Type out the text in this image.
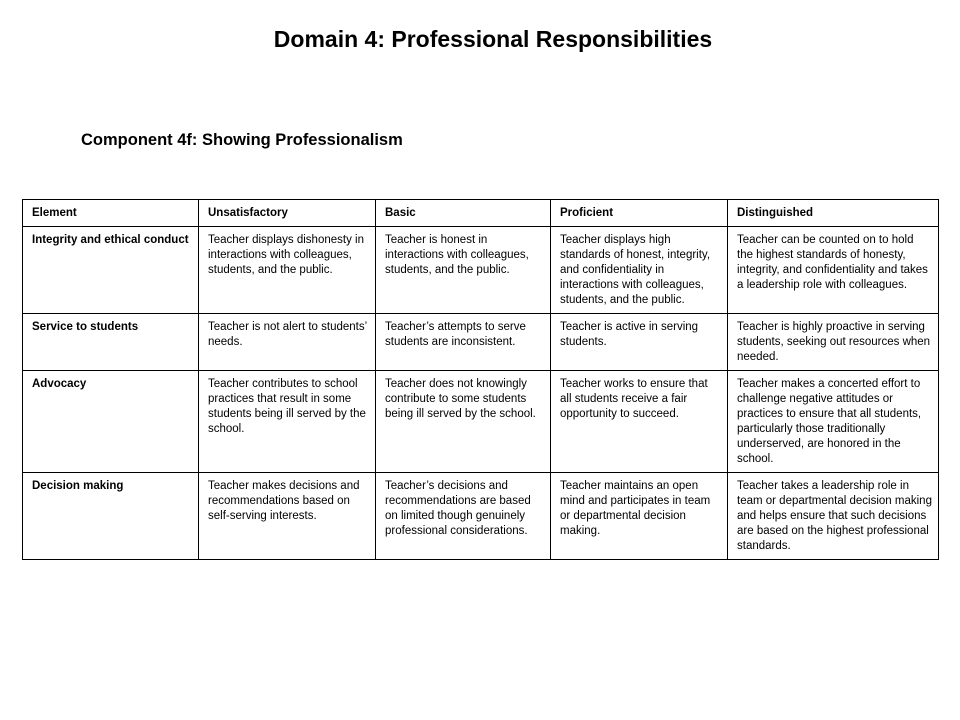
Domain 4: Professional Responsibilities
Component 4f: Showing Professionalism
Element	Unsatisfactory	Basic	Proficient	Distinguished
Integrity and ethical conduct	Teacher displays dishonesty in interactions with colleagues, students, and the public.	Teacher is honest in interactions with colleagues, students, and the public.	Teacher displays high standards of honest, integrity, and confidentiality in interactions with colleagues, students, and the public.	Teacher can be counted on to hold the highest standards of honesty, integrity, and confidentiality and takes a leadership role with colleagues.
Service to students	Teacher is not alert to students’ needs.	Teacher’s attempts to serve students are inconsistent.	Teacher is active in serving students.	Teacher is highly proactive in serving students, seeking out resources when needed.
Advocacy	Teacher contributes to school practices that result in some students being ill served by the school.	Teacher does not knowingly contribute to some students being ill served by the school.	Teacher works to ensure that all students receive a fair opportunity to succeed.	Teacher makes a concerted effort to challenge negative attitudes or practices to ensure that all students, particularly those traditionally underserved, are honored in the school.
Decision making	Teacher makes decisions and recommendations based on self-serving interests.	Teacher’s decisions and recommendations are based on limited though genuinely professional considerations.	Teacher maintains an open mind and participates in team or departmental decision making.	Teacher takes a leadership role in team or departmental decision making and helps ensure that such decisions are based on the highest professional standards.
